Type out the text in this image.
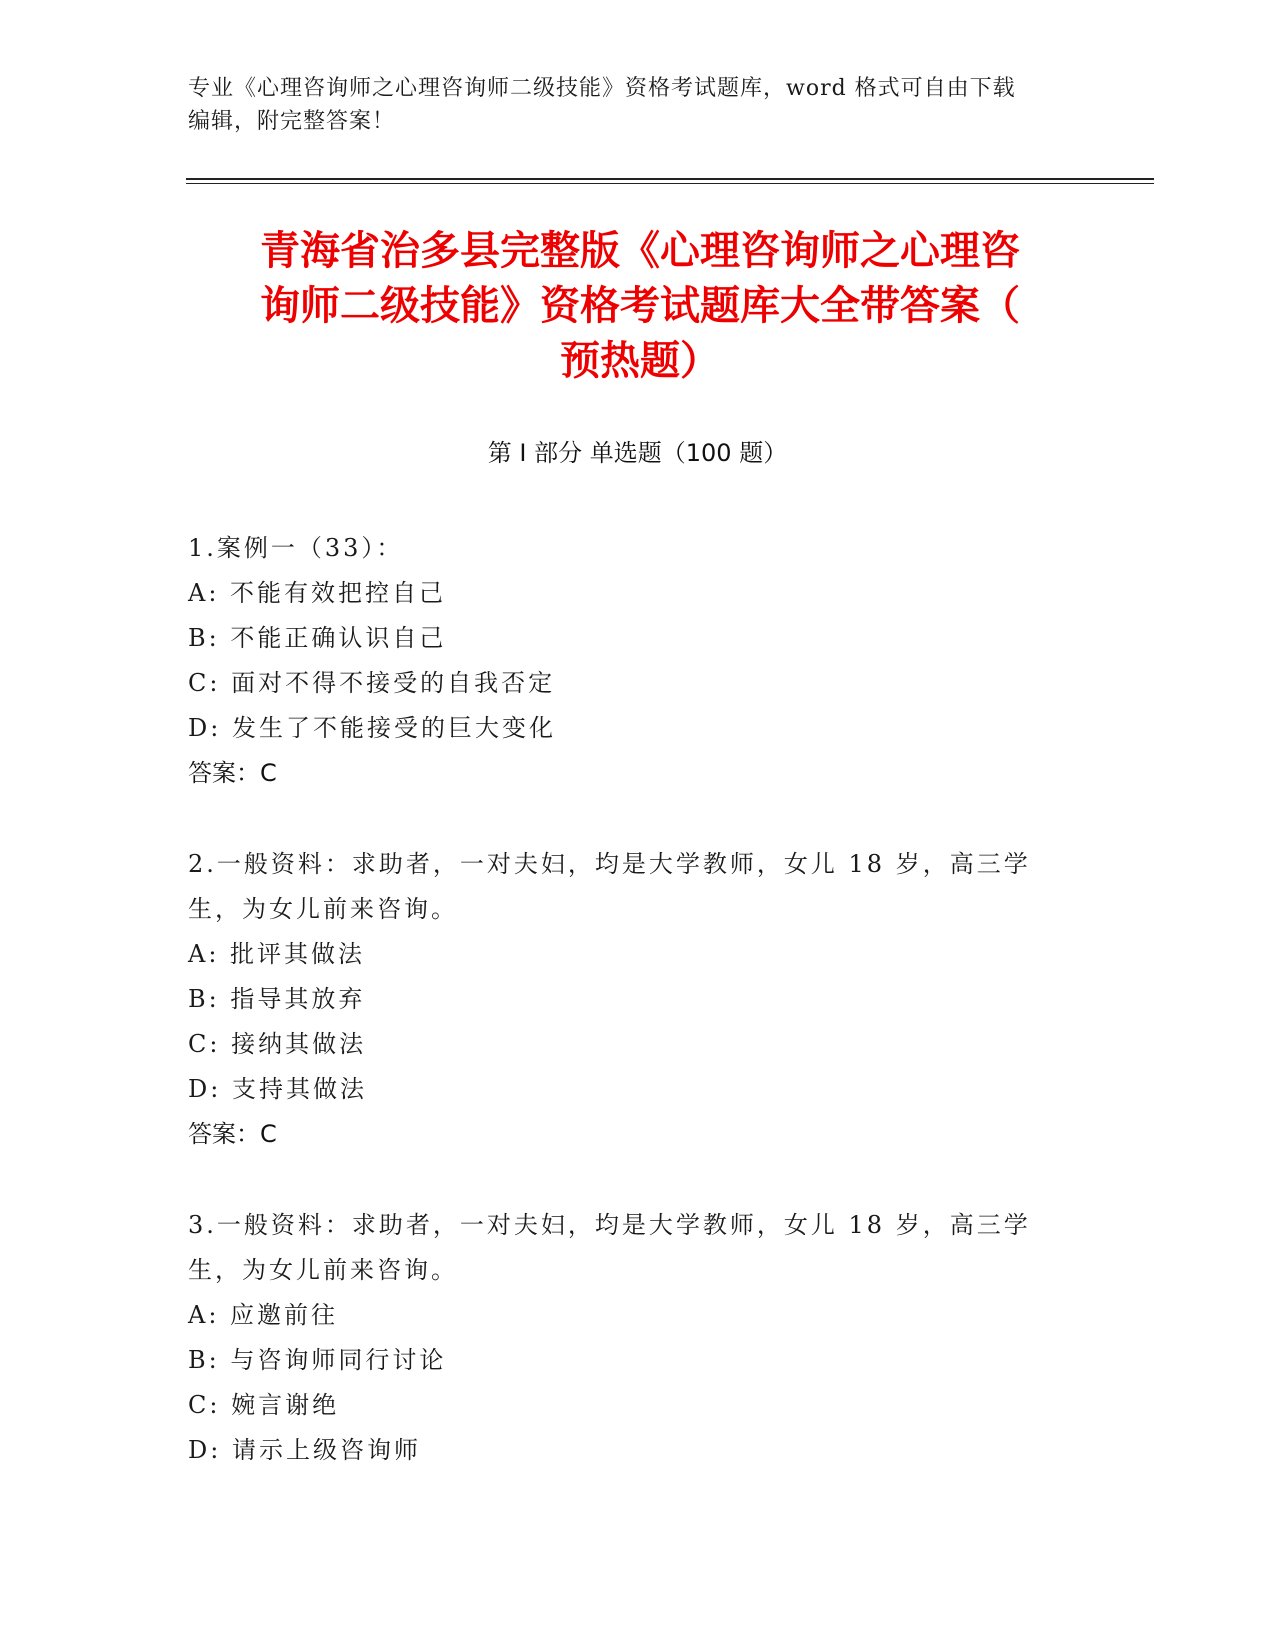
专业《心理咨询师之心理咨询师二级技能》资格考试题库，word 格式可自由下载
编辑，附完整答案！
青海省治多县完整版《心理咨询师之心理咨
询师二级技能》资格考试题库大全带答案（
预热题）
第 I 部分 单选题（100 题）
1.案例一（33）：
A: 不能有效把控自己
B: 不能正确认识自己
C: 面对不得不接受的自我否定
D: 发生了不能接受的巨大变化
答案：C
2.一般资料：求助者，一对夫妇，均是大学教师，女儿 18 岁，高三学
生，为女儿前来咨询。
A: 批评其做法
B: 指导其放弃
C: 接纳其做法
D: 支持其做法
答案：C
3.一般资料：求助者，一对夫妇，均是大学教师，女儿 18 岁，高三学
生，为女儿前来咨询。
A: 应邀前往
B: 与咨询师同行讨论
C: 婉言谢绝
D: 请示上级咨询师
